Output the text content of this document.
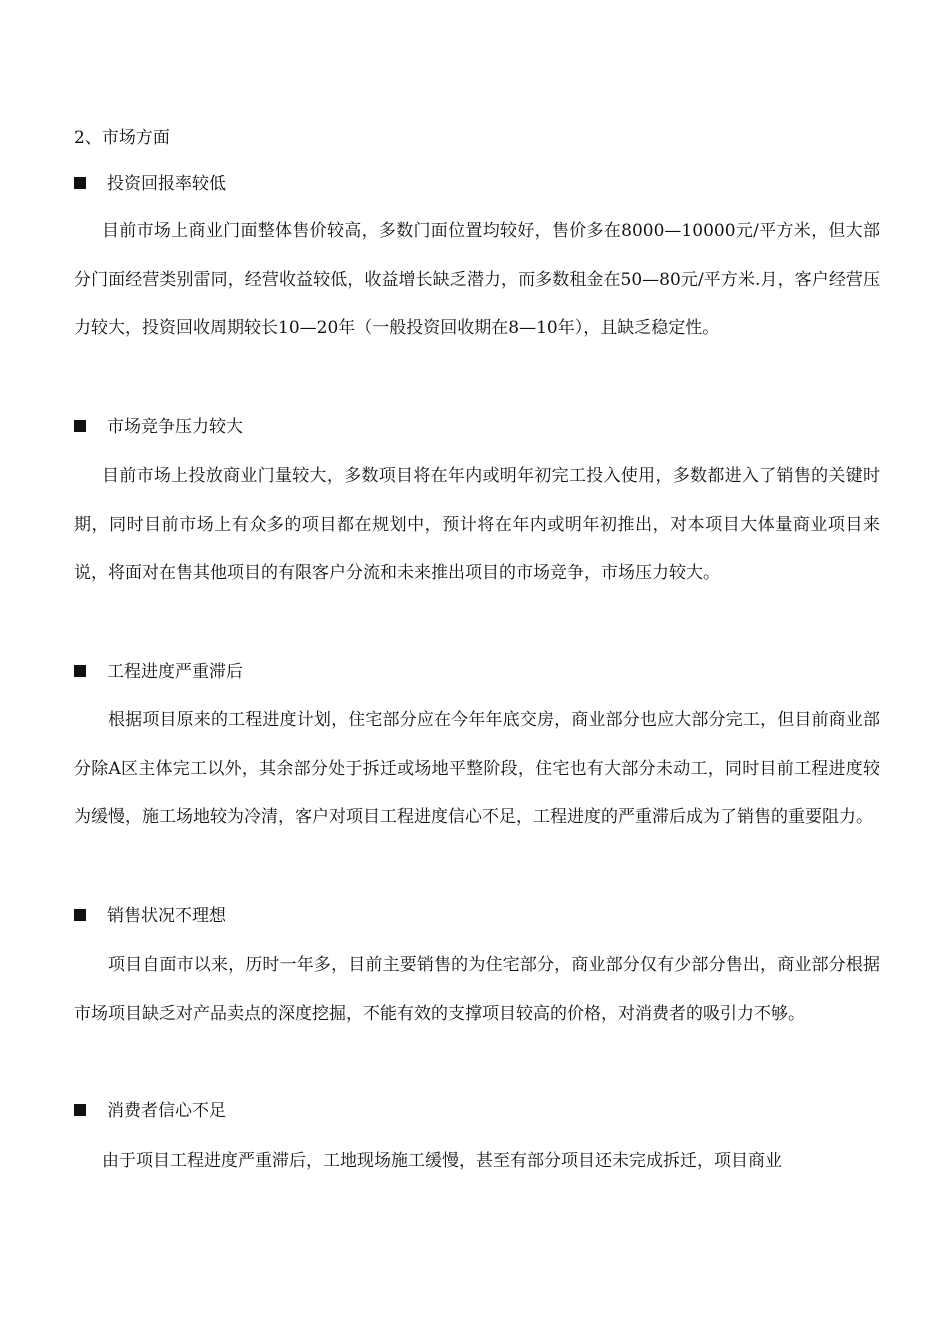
2、市场方面
投资回报率较低

目前市场上商业门面整体售价较高，多数门面位置均较好，售价多在8000—10000元/平方米，但大部分门面经营类别雷同，经营收益较低，收益增长缺乏潜力，而多数租金在50—80元/平方米.月，客户经营压力较大，投资回收周期较长10—20年（一般投资回收期在8—10年），且缺乏稳定性。

市场竞争压力较大

目前市场上投放商业门量较大，多数项目将在年内或明年初完工投入使用，多数都进入了销售的关键时期，同时目前市场上有众多的项目都在规划中，预计将在年内或明年初推出，对本项目大体量商业项目来说，将面对在售其他项目的有限客户分流和未来推出项目的市场竞争，市场压力较大。

工程进度严重滞后

根据项目原来的工程进度计划，住宅部分应在今年年底交房，商业部分也应大部分完工，但目前商业部分除A区主体完工以外，其余部分处于拆迁或场地平整阶段，住宅也有大部分未动工，同时目前工程进度较为缓慢，施工场地较为冷清，客户对项目工程进度信心不足，工程进度的严重滞后成为了销售的重要阻力。

销售状况不理想

项目自面市以来，历时一年多，目前主要销售的为住宅部分，商业部分仅有少部分售出，商业部分根据市场项目缺乏对产品卖点的深度挖掘，不能有效的支撑项目较高的价格，对消费者的吸引力不够。

消费者信心不足

由于项目工程进度严重滞后，工地现场施工缓慢，甚至有部分项目还未完成拆迁，项目商业
